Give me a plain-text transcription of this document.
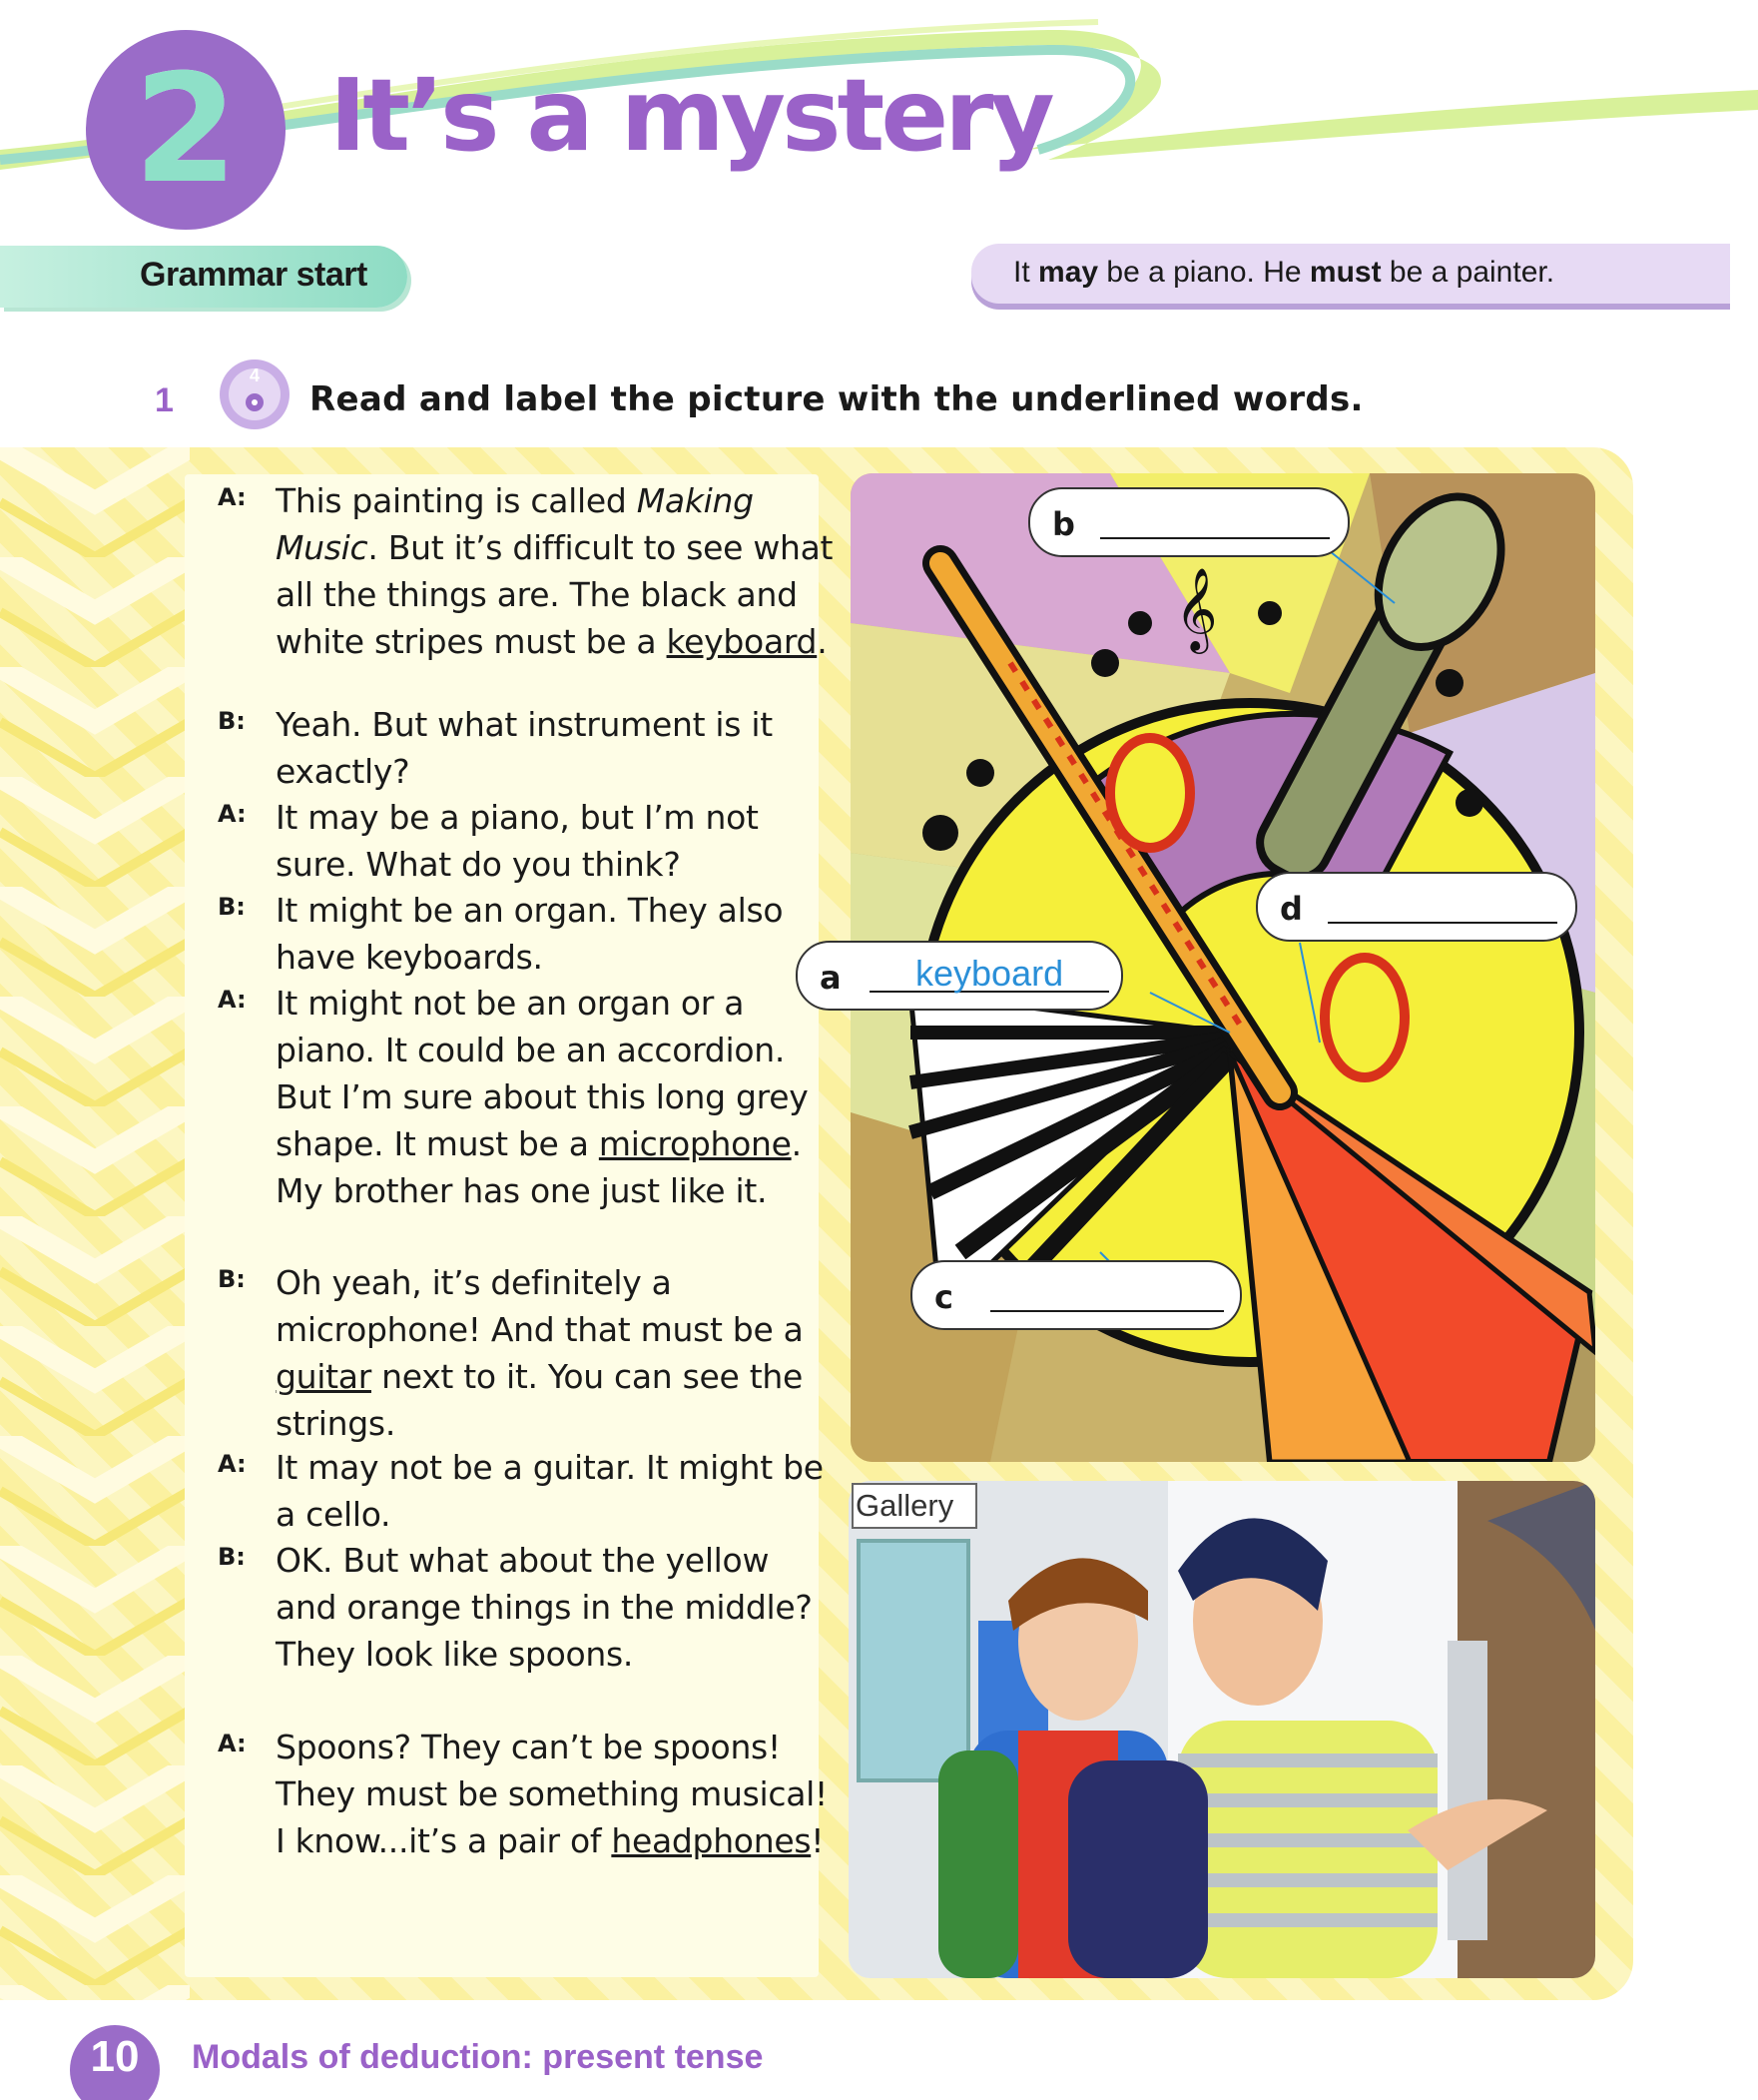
2 It’s a mystery
Grammar start	It may be a piano. He must be a painter.
1
4
Read and label the picture with the underlined words.
A: This painting is called Making Music. But it’s difficult to see what all the things are. The black and white stripes must be a keyboard.
B: Yeah. But what instrument is it exactly?
A: It may be a piano, but I’m not sure. What do you think?
B: It might be an organ. They also have keyboards.
A: It might not be an organ or a piano. It could be an accordion. But I’m sure about this long grey shape. It must be a microphone. My brother has one just like it.
B: Oh yeah, it’s definitely a microphone! And that must be a guitar next to it. You can see the strings.
A: It may not be a guitar. It might be a cello.
B: OK. But what about the yellow and orange things in the middle? They look like spoons.
A: Spoons? They can’t be spoons! They must be something musical! I know...it’s a pair of headphones!
𝄞
b
d
a keyboard
c
Gallery
10	Modals of deduction: present tense
